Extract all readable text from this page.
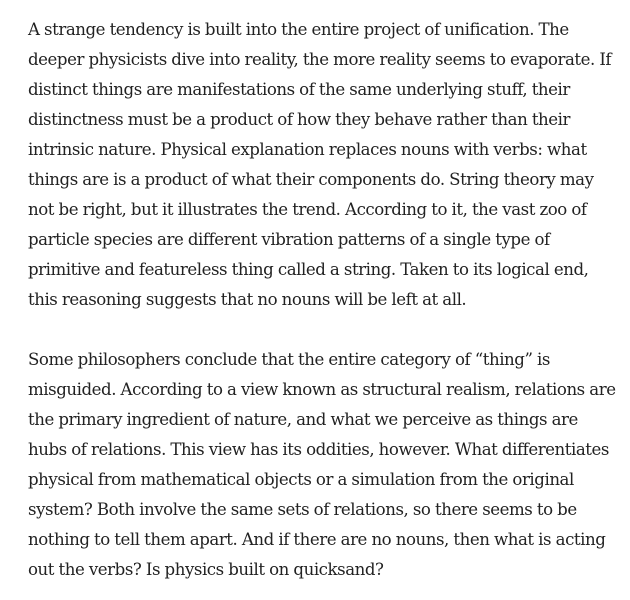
A strange tendency is built into the entire project of unification. The deeper physicists dive into reality, the more reality seems to evaporate. If distinct things are manifestations of the same underlying stuff, their distinctness must be a product of how they behave rather than their intrinsic nature. Physical explanation replaces nouns with verbs: what things are is a product of what their components do. String theory may not be right, but it illustrates the trend. According to it, the vast zoo of particle species are different vibration patterns of a single type of primitive and featureless thing called a string. Taken to its logical end, this reasoning suggests that no nouns will be left at all.

Some philosophers conclude that the entire category of “thing” is misguided. According to a view known as structural realism, relations are the primary ingredient of nature, and what we perceive as things are hubs of relations. This view has its oddities, however. What differentiates physical from mathematical objects or a simulation from the original system? Both involve the same sets of relations, so there seems to be nothing to tell them apart. And if there are no nouns, then what is acting out the verbs? Is physics built on quicksand?
